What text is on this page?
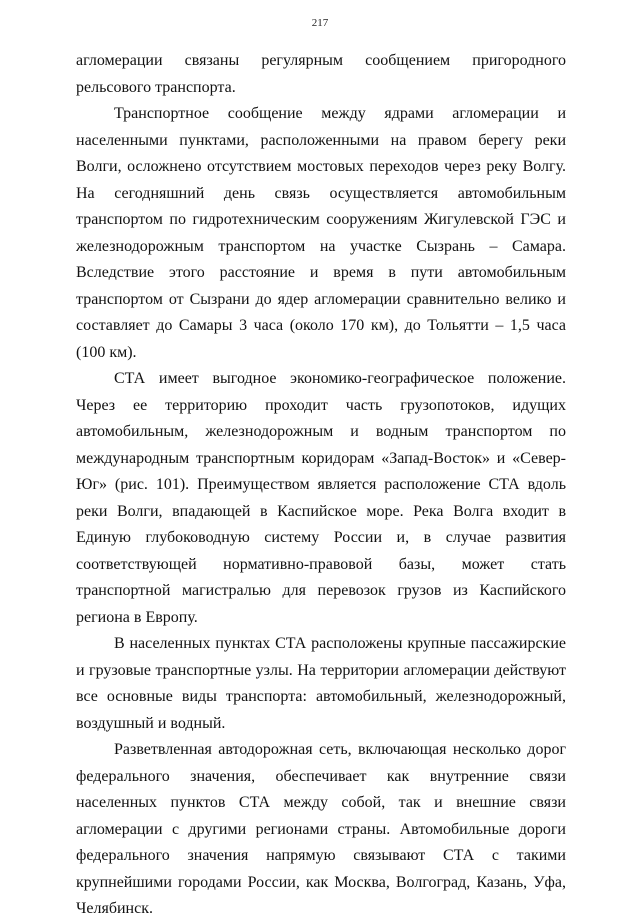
217

агломерации связаны регулярным сообщением пригородного рельсового транспорта.

Транспортное сообщение между ядрами агломерации и населенными пунктами, расположенными на правом берегу реки Волги, осложнено отсутствием мостовых переходов через реку Волгу. На сегодняшний день связь осуществляется автомобильным транспортом по гидротехническим сооружениям Жигулевской ГЭС и железнодорожным транспортом на участке Сызрань – Самара. Вследствие этого расстояние и время в пути автомобильным транспортом от Сызрани до ядер агломерации сравнительно велико и составляет до Самары 3 часа (около 170 км), до Тольятти – 1,5 часа (100 км).

СТА имеет выгодное экономико-географическое положение. Через ее территорию проходит часть грузопотоков, идущих автомобильным, железнодорожным и водным транспортом по международным транспортным коридорам «Запад-Восток» и «Север-Юг» (рис. 101). Преимуществом является расположение СТА вдоль реки Волги, впадающей в Каспийское море. Река Волга входит в Единую глубоководную систему России и, в случае развития соответствующей нормативно-правовой базы, может стать транспортной магистралью для перевозок грузов из Каспийского региона в Европу.

В населенных пунктах СТА расположены крупные пассажирские и грузовые транспортные узлы. На территории агломерации действуют все основные виды транспорта: автомобильный, железнодорожный, воздушный и водный.

Разветвленная автодорожная сеть, включающая несколько дорог федерального значения, обеспечивает как внутренние связи населенных пунктов СТА между собой, так и внешние связи агломерации с другими регионами страны. Автомобильные дороги федерального значения напрямую связывают СТА с такими крупнейшими городами России, как Москва, Волгоград, Казань, Уфа, Челябинск.
